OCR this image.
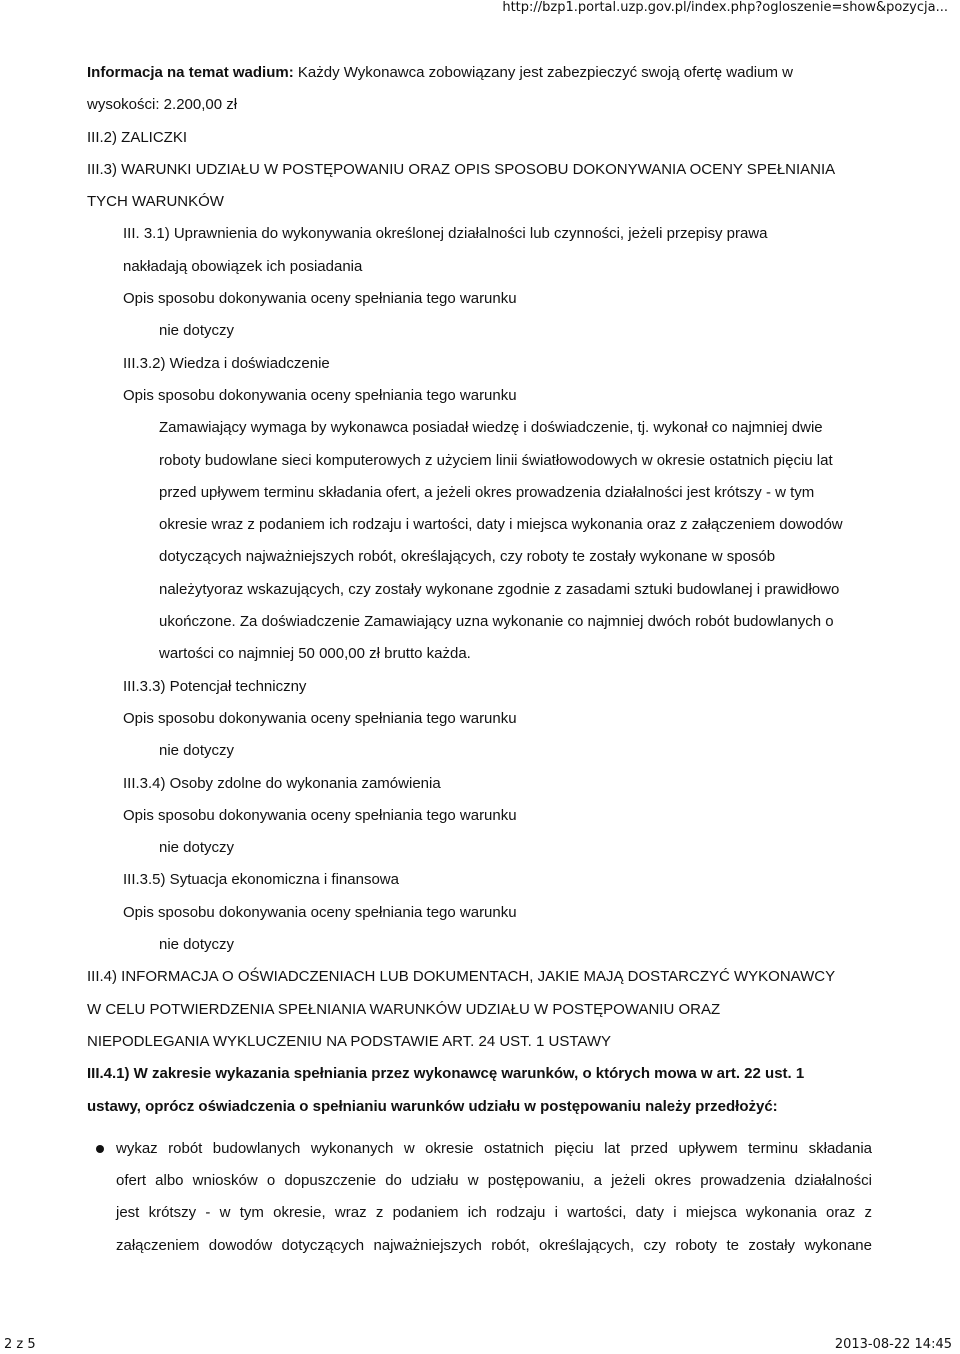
http://bzp1.portal.uzp.gov.pl/index.php?ogloszenie=show&pozycja...
Informacja na temat wadium: Każdy Wykonawca zobowiązany jest zabezpieczyć swoją ofertę wadium w
wysokości: 2.200,00 zł
III.2) ZALICZKI
III.3) WARUNKI UDZIAŁU W POSTĘPOWANIU ORAZ OPIS SPOSOBU DOKONYWANIA OCENY SPEŁNIANIA
TYCH WARUNKÓW
III. 3.1) Uprawnienia do wykonywania określonej działalności lub czynności, jeżeli przepisy prawa
nakładają obowiązek ich posiadania
Opis sposobu dokonywania oceny spełniania tego warunku
nie dotyczy
III.3.2) Wiedza i doświadczenie
Opis sposobu dokonywania oceny spełniania tego warunku
Zamawiający wymaga by wykonawca posiadał wiedzę i doświadczenie, tj. wykonał co najmniej dwie
roboty budowlane sieci komputerowych z użyciem linii światłowodowych w okresie ostatnich pięciu lat
przed upływem terminu składania ofert, a jeżeli okres prowadzenia działalności jest krótszy - w tym
okresie wraz z podaniem ich rodzaju i wartości, daty i miejsca wykonania oraz z załączeniem dowodów
dotyczących najważniejszych robót, określających, czy roboty te zostały wykonane w sposób
należytyoraz wskazujących, czy zostały wykonane zgodnie z zasadami sztuki budowlanej i prawidłowo
ukończone. Za doświadczenie Zamawiający uzna wykonanie co najmniej dwóch robót budowlanych o
wartości co najmniej 50 000,00 zł brutto każda.
III.3.3) Potencjał techniczny
Opis sposobu dokonywania oceny spełniania tego warunku
nie dotyczy
III.3.4) Osoby zdolne do wykonania zamówienia
Opis sposobu dokonywania oceny spełniania tego warunku
nie dotyczy
III.3.5) Sytuacja ekonomiczna i finansowa
Opis sposobu dokonywania oceny spełniania tego warunku
nie dotyczy
III.4) INFORMACJA O OŚWIADCZENIACH LUB DOKUMENTACH, JAKIE MAJĄ DOSTARCZYĆ WYKONAWCY
W CELU POTWIERDZENIA SPEŁNIANIA WARUNKÓW UDZIAŁU W POSTĘPOWANIU ORAZ
NIEPODLEGANIA WYKLUCZENIU NA PODSTAWIE ART. 24 UST. 1 USTAWY
III.4.1) W zakresie wykazania spełniania przez wykonawcę warunków, o których mowa w art. 22 ust. 1
ustawy, oprócz oświadczenia o spełnianiu warunków udziału w postępowaniu należy przedłożyć:
wykaz robót budowlanych wykonanych w okresie ostatnich pięciu lat przed upływem terminu składania
ofert albo wniosków o dopuszczenie do udziału w postępowaniu, a jeżeli okres prowadzenia działalności
jest krótszy - w tym okresie, wraz z podaniem ich rodzaju i wartości, daty i miejsca wykonania oraz z
załączeniem dowodów dotyczących najważniejszych robót, określających, czy roboty te zostały wykonane
2 z 5	2013-08-22 14:45
